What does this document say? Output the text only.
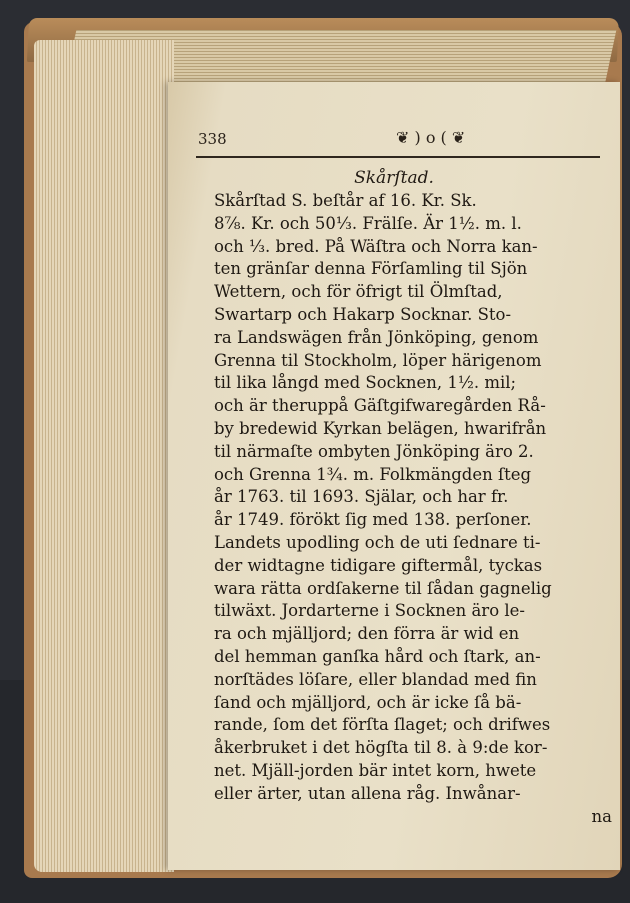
338	❦ ) o ( ❦
Skårſtad.
Skårſtad S. beſtår af 16. Kr. Sk.
8⅞. Kr. och 50⅓. Frälſe. Är 1½. m. l.
och ⅓. bred. På Wäſtra och Norra kan-
ten gränſar denna Förſamling til Sjön
Wettern, och för öfrigt til Ölmſtad,
Swartarp och Hakarp Socknar. Sto-
ra Landswägen från Jönköping, genom
Grenna til Stockholm, löper härigenom
til lika långd med Socknen, 1½. mil;
och är theruppå Gäſtgifwaregården Rå-
by bredewid Kyrkan belägen, hwarifrån
til närmaſte ombyten Jönköping äro 2.
och Grenna 1¾. m. Folkmängden ſteg
år 1763. til 1693. Själar, och har fr.
år 1749. förökt ſig med 138. perſoner.
Landets upodling och de uti ſednare ti-
der widtagne tidigare giftermål, tyckas
wara rätta ordſakerne til ſådan gagnelig
tilwäxt. Jordarterne i Socknen äro le-
ra och mjälljord; den förra är wid en
del hemman ganſka hård och ſtark, an-
norſtädes löſare, eller blandad med fin
ſand och mjälljord, och är icke ſå bä-
rande, ſom det förſta ſlaget; och drifwes
åkerbruket i det högſta til 8. à 9:de kor-
net. Mjäll-jorden bär intet korn, hwete
eller ärter, utan allena råg. Inwånar-
na
